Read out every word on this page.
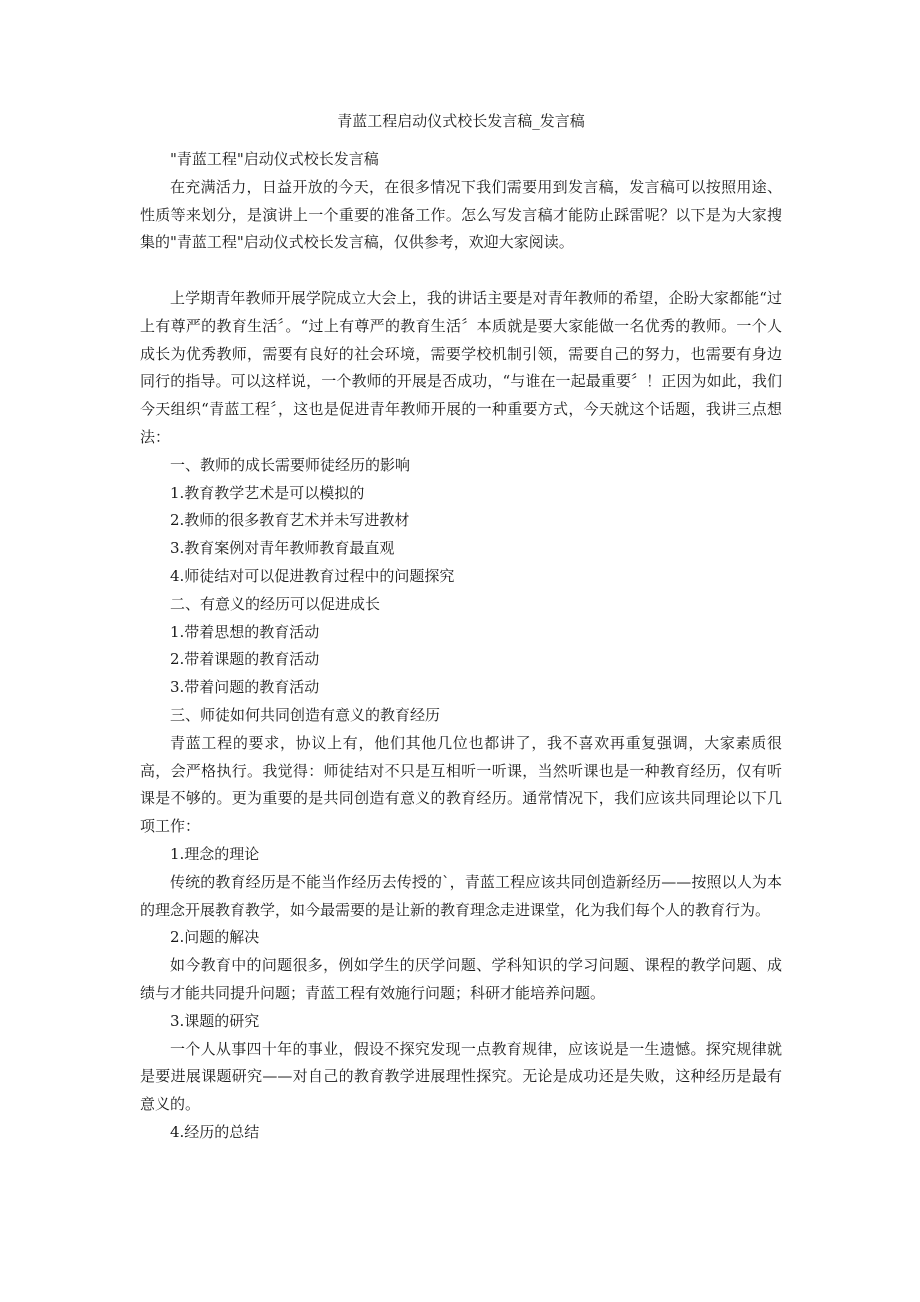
青蓝工程启动仪式校长发言稿_发言稿

"青蓝工程"启动仪式校长发言稿

在充满活力，日益开放的今天，在很多情况下我们需要用到发言稿，发言稿可以按照用途、性质等来划分，是演讲上一个重要的准备工作。怎么写发言稿才能防止踩雷呢？以下是为大家搜集的"青蓝工程"启动仪式校长发言稿，仅供参考，欢迎大家阅读。

上学期青年教师开展学院成立大会上，我的讲话主要是对青年教师的希望，企盼大家都能“过上有尊严的教育生活〞。“过上有尊严的教育生活〞本质就是要大家能做一名优秀的教师。一个人成长为优秀教师，需要有良好的社会环境，需要学校机制引领，需要自己的努力，也需要有身边同行的指导。可以这样说，一个教师的开展是否成功，“与谁在一起最重要〞！正因为如此，我们今天组织“青蓝工程〞，这也是促进青年教师开展的一种重要方式，今天就这个话题，我讲三点想法：

一、教师的成长需要师徒经历的影响

1.教育教学艺术是可以模拟的

2.教师的很多教育艺术并未写进教材

3.教育案例对青年教师教育最直观

4.师徒结对可以促进教育过程中的问题探究

二、有意义的经历可以促进成长

1.带着思想的教育活动

2.带着课题的教育活动

3.带着问题的教育活动

三、师徒如何共同创造有意义的教育经历

青蓝工程的要求，协议上有，他们其他几位也都讲了，我不喜欢再重复强调，大家素质很高，会严格执行。我觉得：师徒结对不只是互相听一听课，当然听课也是一种教育经历，仅有听课是不够的。更为重要的是共同创造有意义的教育经历。通常情况下，我们应该共同理论以下几项工作：

1.理念的理论

传统的教育经历是不能当作经历去传授的`，青蓝工程应该共同创造新经历——按照以人为本的理念开展教育教学，如今最需要的是让新的教育理念走进课堂，化为我们每个人的教育行为。

2.问题的解决

如今教育中的问题很多，例如学生的厌学问题、学科知识的学习问题、课程的教学问题、成绩与才能共同提升问题；青蓝工程有效施行问题；科研才能培养问题。

3.课题的研究

一个人从事四十年的事业，假设不探究发现一点教育规律，应该说是一生遗憾。探究规律就是要进展课题研究——对自己的教育教学进展理性探究。无论是成功还是失败，这种经历是最有意义的。

4.经历的总结
